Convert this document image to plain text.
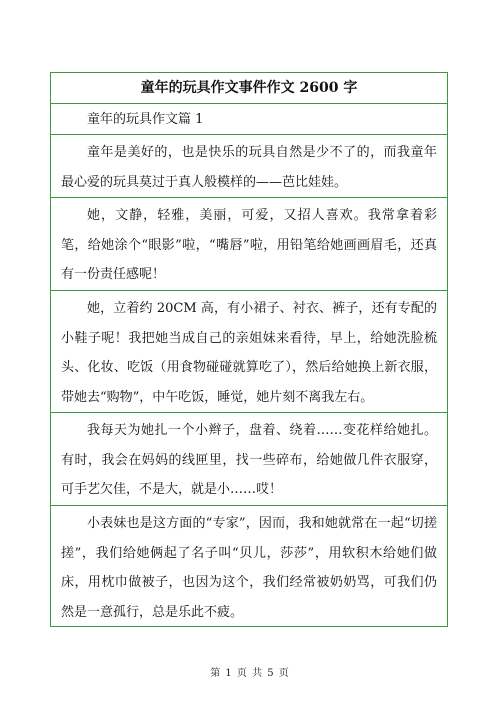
童年的玩具作文事件作文 2600 字
童年的玩具作文篇 1
童年是美好的，也是快乐的玩具自然是少不了的，而我童年最心爱的玩具莫过于真人般模样的——芭比娃娃。
她，文静，轻雅，美丽，可爱，又招人喜欢。我常拿着彩笔，给她涂个“眼影”啦，“嘴唇”啦，用铅笔给她画画眉毛，还真有一份责任感呢！
她，立着约 20CM 高，有小裙子、衬衣、裤子，还有专配的小鞋子呢！我把她当成自己的亲姐妹来看待，早上，给她洗脸梳头、化妆、吃饭（用食物碰碰就算吃了），然后给她换上新衣服，带她去“购物”，中午吃饭，睡觉，她片刻不离我左右。
我每天为她扎一个小辫子，盘着、绕着……变花样给她扎。有时，我会在妈妈的线匣里，找一些碎布，给她做几件衣服穿，可手艺欠佳，不是大，就是小……哎！
小表妹也是这方面的“专家”，因而，我和她就常在一起“切搓搓”，我们给她俩起了名子叫“贝儿，莎莎”，用软积木给她们做床，用枕巾做被子，也因为这个，我们经常被奶奶骂，可我们仍然是一意孤行，总是乐此不疲。
第 1 页 共 5 页
